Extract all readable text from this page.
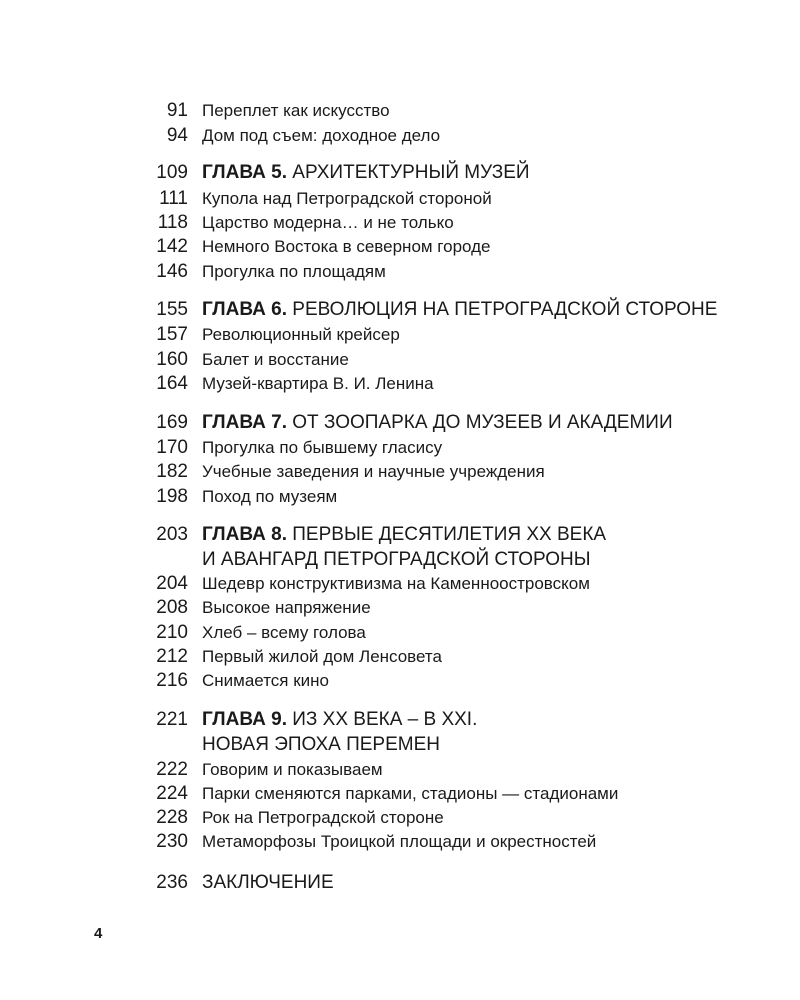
91 Переплет как искусство
94 Дом под съем: доходное дело
109 ГЛАВА 5. АРХИТЕКТУРНЫЙ МУЗЕЙ
111 Купола над Петроградской стороной
118 Царство модерна… и не только
142 Немного Востока в северном городе
146 Прогулка по площадям
155 ГЛАВА 6. РЕВОЛЮЦИЯ НА ПЕТРОГРАДСКОЙ СТОРОНЕ
157 Революционный крейсер
160 Балет и восстание
164 Музей-квартира В. И. Ленина
169 ГЛАВА 7. ОТ ЗООПАРКА ДО МУЗЕЕВ И АКАДЕМИИ
170 Прогулка по бывшему гласису
182 Учебные заведения и научные учреждения
198 Поход по музеям
203 ГЛАВА 8. ПЕРВЫЕ ДЕСЯТИЛЕТИЯ XX ВЕКА
И АВАНГАРД ПЕТРОГРАДСКОЙ СТОРОНЫ
204 Шедевр конструктивизма на Каменноостровском
208 Высокое напряжение
210 Хлеб – всему голова
212 Первый жилой дом Ленсовета
216 Снимается кино
221 ГЛАВА 9. ИЗ XX ВЕКА – В XXI.
НОВАЯ ЭПОХА ПЕРЕМЕН
222 Говорим и показываем
224 Парки сменяются парками, стадионы — стадионами
228 Рок на Петроградской стороне
230 Метаморфозы Троицкой площади и окрестностей
236 ЗАКЛЮЧЕНИЕ
4
